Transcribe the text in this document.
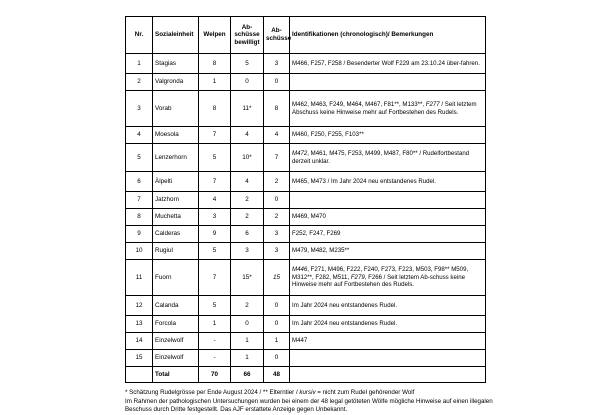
Nr.	Sozialeinheit	Welpen	Ab- schüsse bewilligt	Ab- schüsse	Identifikationen (chronologisch)/ Bemerkungen
1	Stagias	8	5	3	M466, F257, F258 / Besenderter Wolf F229 am 23.10.24 über-fahren.
2	Valgronda	1	0	0	
3	Vorab	8	11*	8	M462, M463, F249, M464, M467, F81**, M133**, F277 / Seit letztem Abschuss keine Hinweise mehr auf Fortbestehen des Rudels.
4	Moesola	7	4	4	M460, F250, F255, F103**
5	Lenzerhorn	5	10*	7	M472, M461, M475, F253, M499, M487, F80** / Rudelfortbestand derzeit unklar.
6	Älpelti	7	4	2	M465, M473 / Im Jahr 2024 neu entstandenes Rudel.
7	Jatzhorn	4	2	0	
8	Muchetta	3	2	2	M469, M470
9	Calderas	9	6	3	F252, F247, F269
10	Rugiul	5	3	3	M479, M482, M235**
11	Fuorn	7	15*	15	M446, F271, M496, F222, F240, F273, F223, M503, F98** M509, M312**, F282, M511, F279, F266 / Seit letztem Ab-schuss keine Hinweise mehr auf Fortbestehen des Rudels.
12	Calanda	5	2	0	Im Jahr 2024 neu entstandenes Rudel.
13	Forcola	1	0	0	Im Jahr 2024 neu entstandenes Rudel.
14	Einzelwolf	-	1	1	M447
15	Einzelwolf	-	1	0	
	Total	70	66	48	

* Schätzung Rudelgrösse per Ende August 2024 / ** Elterntier / kursiv = nicht zum Rudel gehörender Wolf

Im Rahmen der pathologischen Untersuchungen wurden bei einem der 48 legal getöteten Wölfe mögliche Hinweise auf einen illegalen Beschuss durch Dritte festgestellt. Das AJF erstattete Anzeige gegen Unbekannt.
